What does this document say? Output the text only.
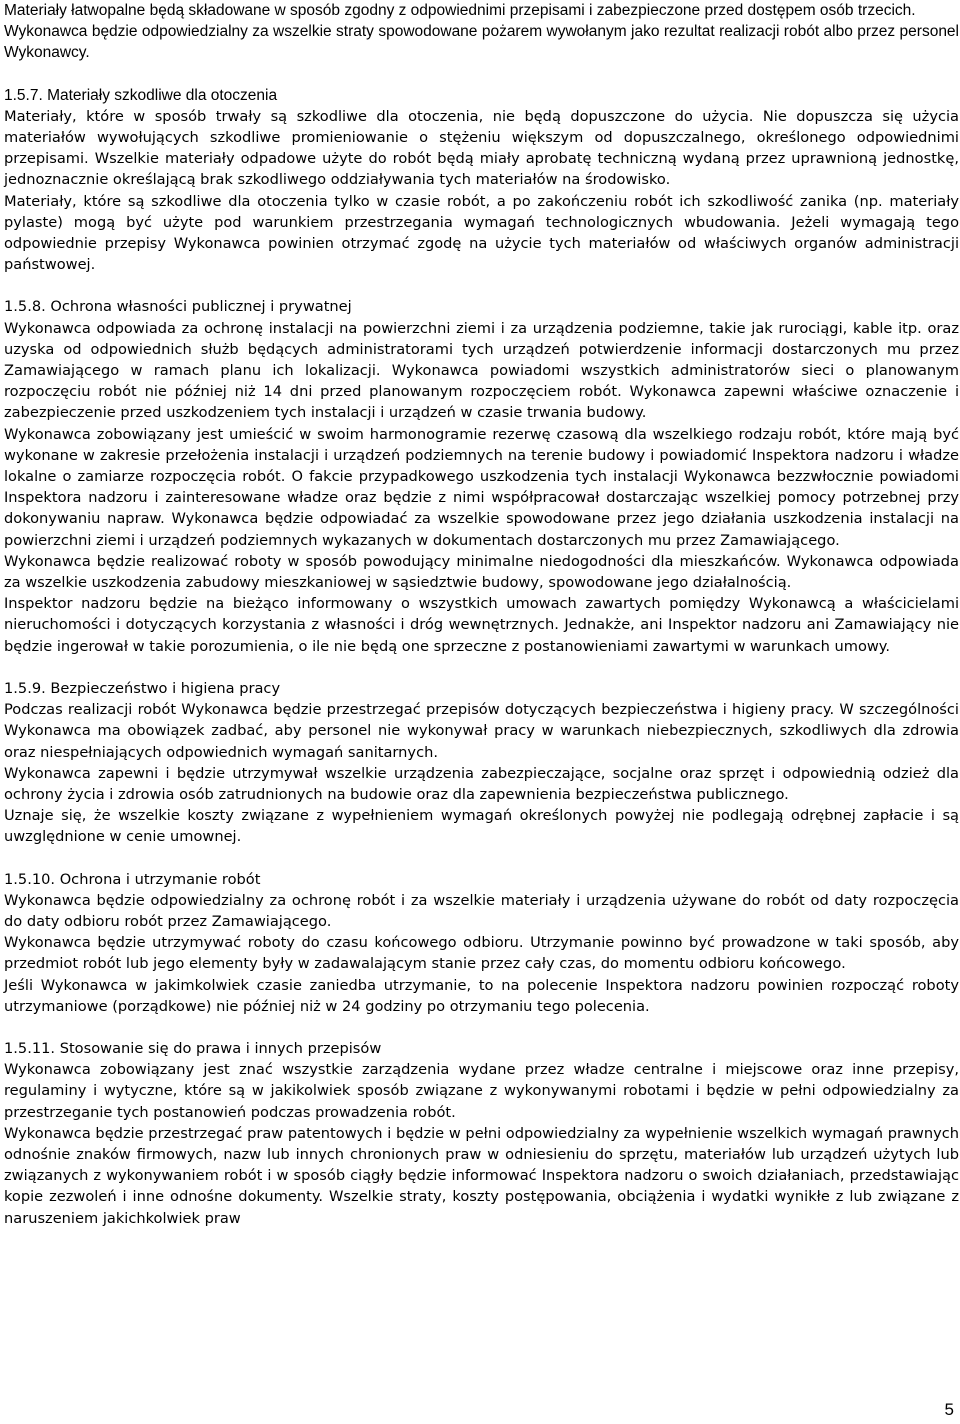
Materiały łatwopalne będą składowane w sposób zgodny z odpowiednimi przepisami i zabezpieczone przed dostępem osób trzecich.

Wykonawca będzie odpowiedzialny za wszelkie straty spowodowane pożarem wywołanym jako rezultat realizacji robót albo przez personel Wykonawcy.

1.5.7. Materiały szkodliwe dla otoczenia

Materiały, które w sposób trwały są szkodliwe dla otoczenia, nie będą dopuszczone do użycia. Nie dopuszcza się użycia materiałów wywołujących szkodliwe promieniowanie o stężeniu większym od dopuszczalnego, określonego odpowiednimi przepisami. Wszelkie materiały odpadowe użyte do robót będą miały aprobatę techniczną wydaną przez uprawnioną jednostkę, jednoznacznie określającą brak szkodliwego oddziaływania tych materiałów na środowisko.

Materiały, które są szkodliwe dla otoczenia tylko w czasie robót, a po zakończeniu robót ich szkodliwość zanika (np. materiały pylaste) mogą być użyte pod warunkiem przestrzegania wymagań technologicznych wbudowania. Jeżeli wymagają tego odpowiednie przepisy Wykonawca powinien otrzymać zgodę na użycie tych materiałów od właściwych organów administracji państwowej.

1.5.8. Ochrona własności publicznej i prywatnej

Wykonawca odpowiada za ochronę instalacji na powierzchni ziemi i za urządzenia podziemne, takie jak rurociągi, kable itp. oraz uzyska od odpowiednich służb będących administratorami tych urządzeń potwierdzenie informacji dostarczonych mu przez Zamawiającego w ramach planu ich lokalizacji. Wykonawca powiadomi wszystkich administratorów sieci o planowanym rozpoczęciu robót nie później niż 14 dni przed planowanym rozpoczęciem robót. Wykonawca zapewni właściwe oznaczenie i zabezpieczenie przed uszkodzeniem tych instalacji i urządzeń w czasie trwania budowy.

Wykonawca zobowiązany jest umieścić w swoim harmonogramie rezerwę czasową dla wszelkiego rodzaju robót, które mają być wykonane w zakresie przełożenia instalacji i urządzeń podziemnych na terenie budowy i powiadomić Inspektora nadzoru i władze lokalne o zamiarze rozpoczęcia robót. O fakcie przypadkowego uszkodzenia tych instalacji Wykonawca bezzwłocznie powiadomi Inspektora nadzoru i zainteresowane władze oraz będzie z nimi współpracował dostarczając wszelkiej pomocy potrzebnej przy dokonywaniu napraw. Wykonawca będzie odpowiadać za wszelkie spowodowane przez jego działania uszkodzenia instalacji na powierzchni ziemi i urządzeń podziemnych wykazanych w dokumentach dostarczonych mu przez Zamawiającego.

Wykonawca będzie realizować roboty w sposób powodujący minimalne niedogodności dla mieszkańców. Wykonawca odpowiada za wszelkie uszkodzenia zabudowy mieszkaniowej w sąsiedztwie budowy, spowodowane jego działalnością.

Inspektor nadzoru będzie na bieżąco informowany o wszystkich umowach zawartych pomiędzy Wykonawcą a właścicielami nieruchomości i dotyczących korzystania z własności i dróg wewnętrznych. Jednakże, ani Inspektor nadzoru ani Zamawiający nie będzie ingerował w takie porozumienia, o ile nie będą one sprzeczne z postanowieniami zawartymi w warunkach umowy.

1.5.9. Bezpieczeństwo i higiena pracy

Podczas realizacji robót Wykonawca będzie przestrzegać przepisów dotyczących bezpieczeństwa i higieny pracy. W szczególności Wykonawca ma obowiązek zadbać, aby personel nie wykonywał pracy w warunkach niebezpiecznych, szkodliwych dla zdrowia oraz niespełniających odpowiednich wymagań sanitarnych.

Wykonawca zapewni i będzie utrzymywał wszelkie urządzenia zabezpieczające, socjalne oraz sprzęt i odpowiednią odzież dla ochrony życia i zdrowia osób zatrudnionych na budowie oraz dla zapewnienia bezpieczeństwa publicznego.

Uznaje się, że wszelkie koszty związane z wypełnieniem wymagań określonych powyżej nie podlegają odrębnej zapłacie i są uwzględnione w cenie umownej.

1.5.10. Ochrona i utrzymanie robót

Wykonawca będzie odpowiedzialny za ochronę robót i za wszelkie materiały i urządzenia używane do robót od daty rozpoczęcia do daty odbioru robót przez Zamawiającego.

Wykonawca będzie utrzymywać roboty do czasu końcowego odbioru. Utrzymanie powinno być prowadzone w taki sposób, aby przedmiot robót lub jego elementy były w zadawalającym stanie przez cały czas, do momentu odbioru końcowego.

Jeśli Wykonawca w jakimkolwiek czasie zaniedba utrzymanie, to na polecenie Inspektora nadzoru powinien rozpocząć roboty utrzymaniowe (porządkowe) nie później niż w 24 godziny po otrzymaniu tego polecenia.

1.5.11. Stosowanie się do prawa i innych przepisów

Wykonawca zobowiązany jest znać wszystkie zarządzenia wydane przez władze centralne i miejscowe oraz inne przepisy, regulaminy i wytyczne, które są w jakikolwiek sposób związane z wykonywanymi robotami i będzie w pełni odpowiedzialny za przestrzeganie tych postanowień podczas prowadzenia robót.

Wykonawca będzie przestrzegać praw patentowych i będzie w pełni odpowiedzialny za wypełnienie wszelkich wymagań prawnych odnośnie znaków firmowych, nazw lub innych chronionych praw w odniesieniu do sprzętu, materiałów lub urządzeń użytych lub związanych z wykonywaniem robót i w sposób ciągły będzie informować Inspektora nadzoru o swoich działaniach, przedstawiając kopie zezwoleń i inne odnośne dokumenty. Wszelkie straty, koszty postępowania, obciążenia i wydatki wynikłe z lub związane z naruszeniem jakichkolwiek praw

5
